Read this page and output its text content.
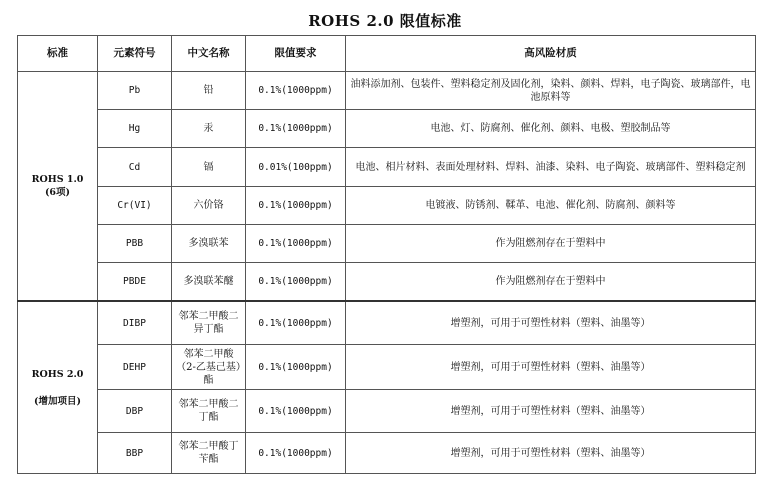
ROHS 2.0 限值标准
标准	元素符号	中文名称	限值要求	高风险材质

ROHS 1.0
(6项)	Pb	铅	0.1%(1000ppm)	油料添加剂、包装件、塑料稳定剂及固化剂，染料、颜料、焊料，电子陶瓷、玻璃部件，电池原料等
	Hg	汞	0.1%(1000ppm)	电池、灯、防腐剂、催化剂、颜料、电极、塑胶制品等
	Cd	镉	0.01%(100ppm)	电池、相片材料、表面处理材料、焊料、油漆、染料、电子陶瓷、玻璃部件、塑料稳定剂
	Cr(VI)	六价铬	0.1%(1000ppm)	电镀液、防锈剂、鞣革、电池、催化剂、防腐剂、颜料等
	PBB	多溴联苯	0.1%(1000ppm)	作为阻燃剂存在于塑料中
	PBDE	多溴联苯醚	0.1%(1000ppm)	作为阻燃剂存在于塑料中

ROHS 2.0
(增加项目)	DIBP	邻苯二甲酸二异丁酯	0.1%(1000ppm)	增塑剂，可用于可塑性材料（塑料、油墨等）
	DEHP	邻苯二甲酸（2-乙基己基）酯	0.1%(1000ppm)	增塑剂，可用于可塑性材料（塑料、油墨等）
	DBP	邻苯二甲酸二丁酯	0.1%(1000ppm)	增塑剂，可用于可塑性材料（塑料、油墨等）
	BBP	邻苯二甲酸丁苄酯	0.1%(1000ppm)	增塑剂，可用于可塑性材料（塑料、油墨等）
